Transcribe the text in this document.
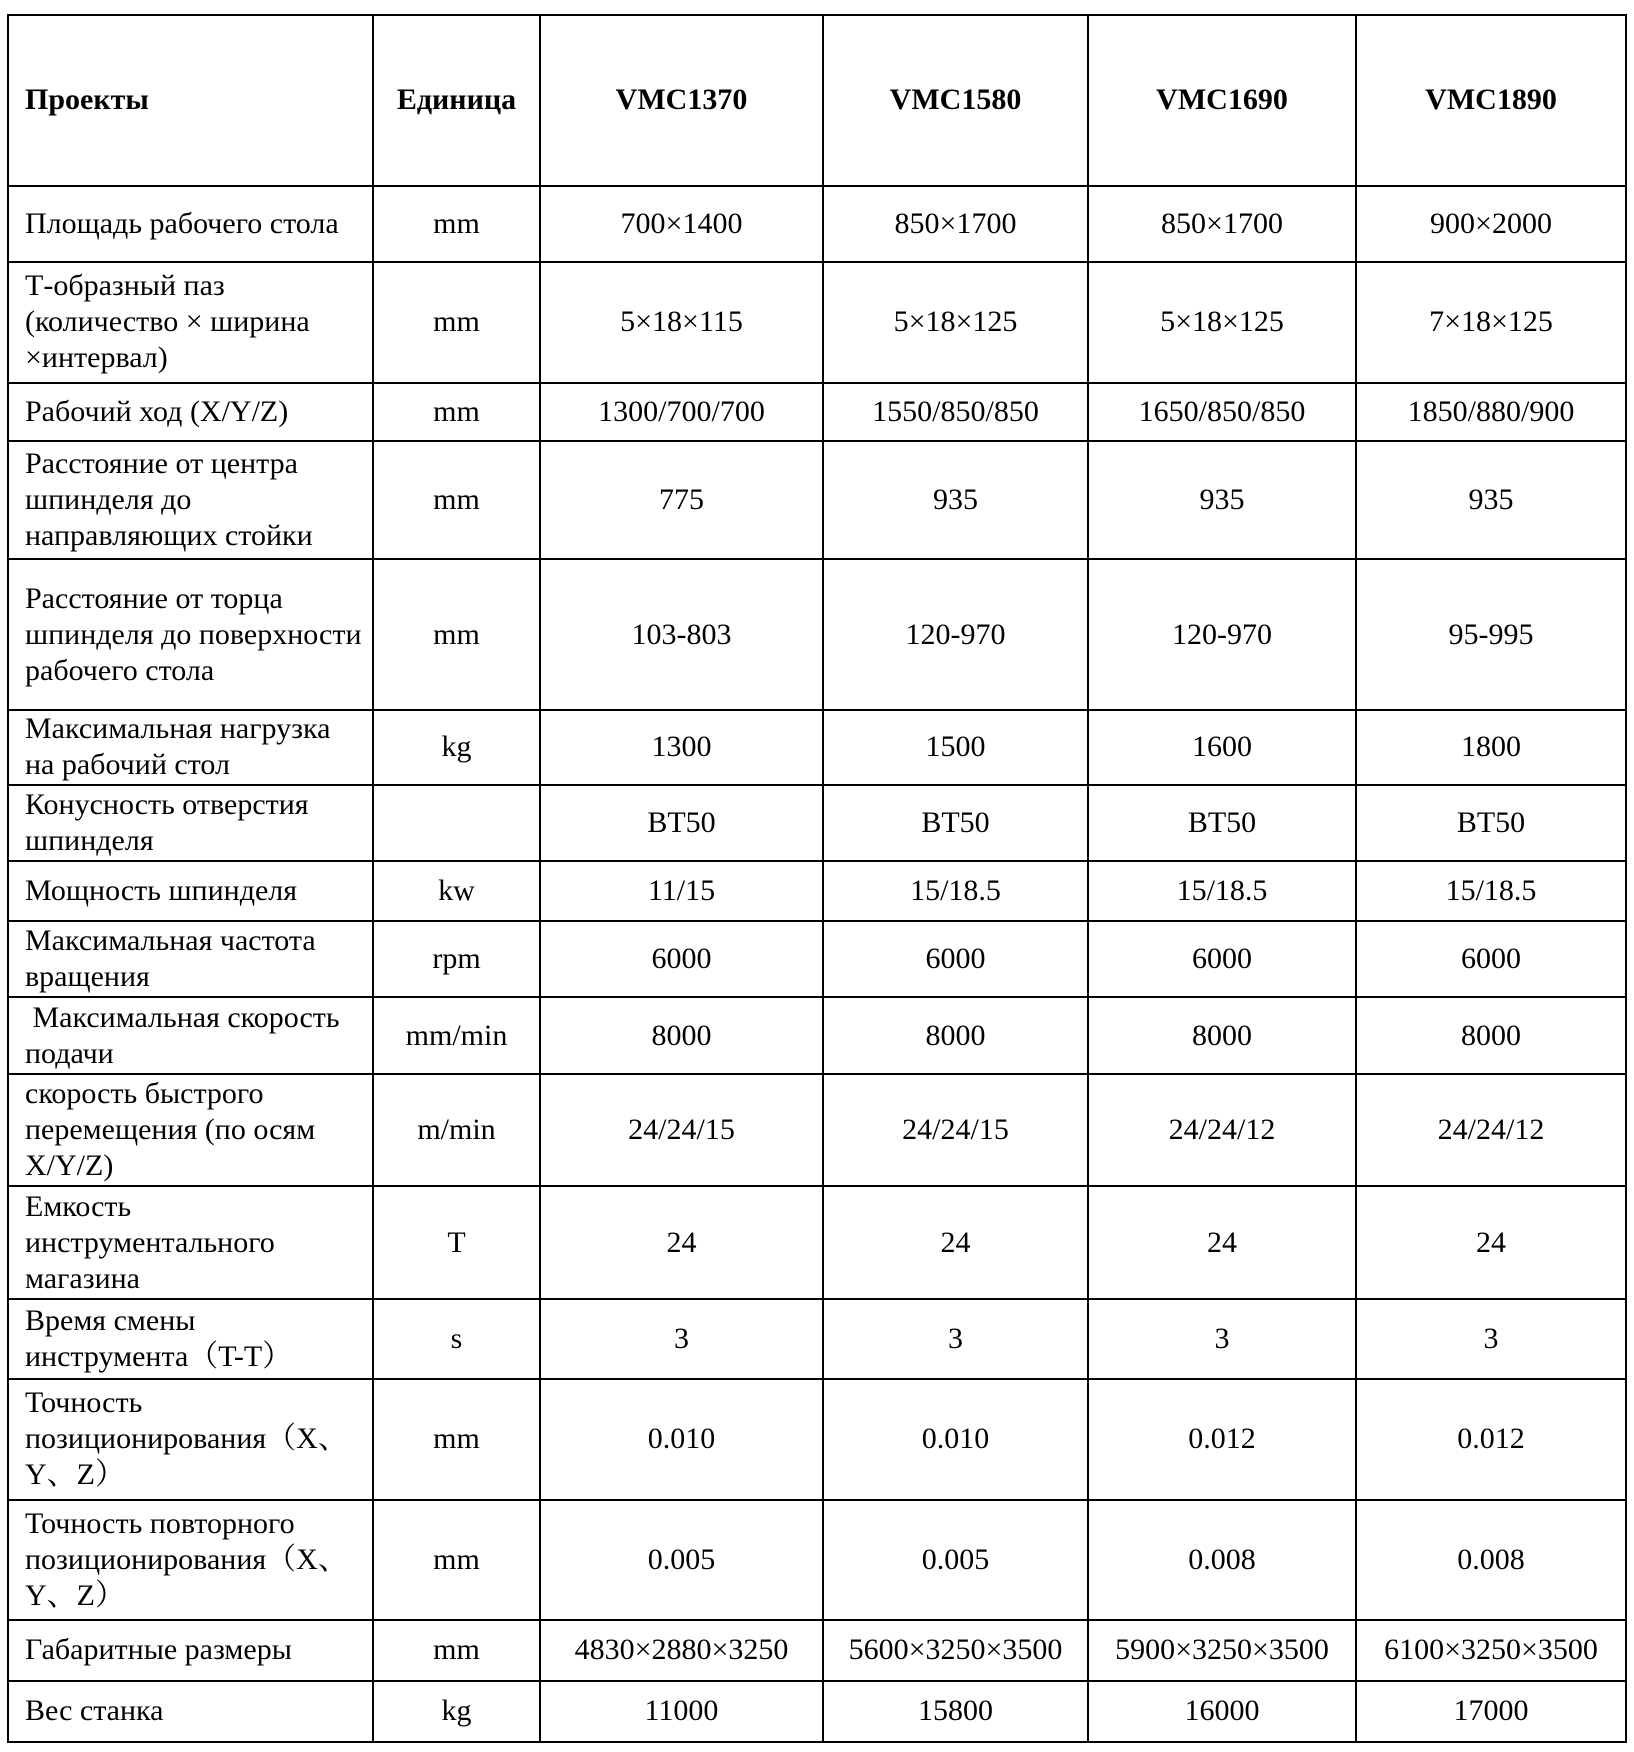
Проекты	Единица	VMC1370	VMC1580	VMC1690	VMC1890
Площадь рабочего стола	mm	700×1400	850×1700	850×1700	900×2000
Т-образный паз (количество × ширина ×интервал)	mm	5×18×115	5×18×125	5×18×125	7×18×125
Рабочий ход (X/Y/Z)	mm	1300/700/700	1550/850/850	1650/850/850	1850/880/900
Расстояние от центра шпинделя до направляющих стойки	mm	775	935	935	935
Расстояние от торца шпинделя до поверхности рабочего стола	mm	103-803	120-970	120-970	95-995
Максимальная нагрузка на рабочий стол	kg	1300	1500	1600	1800
Конусность отверстия шпинделя		BT50	BT50	BT50	BT50
Мощность шпинделя	kw	11/15	15/18.5	15/18.5	15/18.5
Максимальная частота вращения	rpm	6000	6000	6000	6000
Максимальная скорость подачи	mm/min	8000	8000	8000	8000
скорость быстрого перемещения (по осям X/Y/Z)	m/min	24/24/15	24/24/15	24/24/12	24/24/12
Емкость инструментального магазина	T	24	24	24	24
Время смены инструмента（T-T）	s	3	3	3	3
Точность позиционирования（X、Y、Z）	mm	0.010	0.010	0.012	0.012
Точность повторного позиционирования（X、Y、Z）	mm	0.005	0.005	0.008	0.008
Габаритные размеры	mm	4830×2880×3250	5600×3250×3500	5900×3250×3500	6100×3250×3500
Вес станка	kg	11000	15800	16000	17000
